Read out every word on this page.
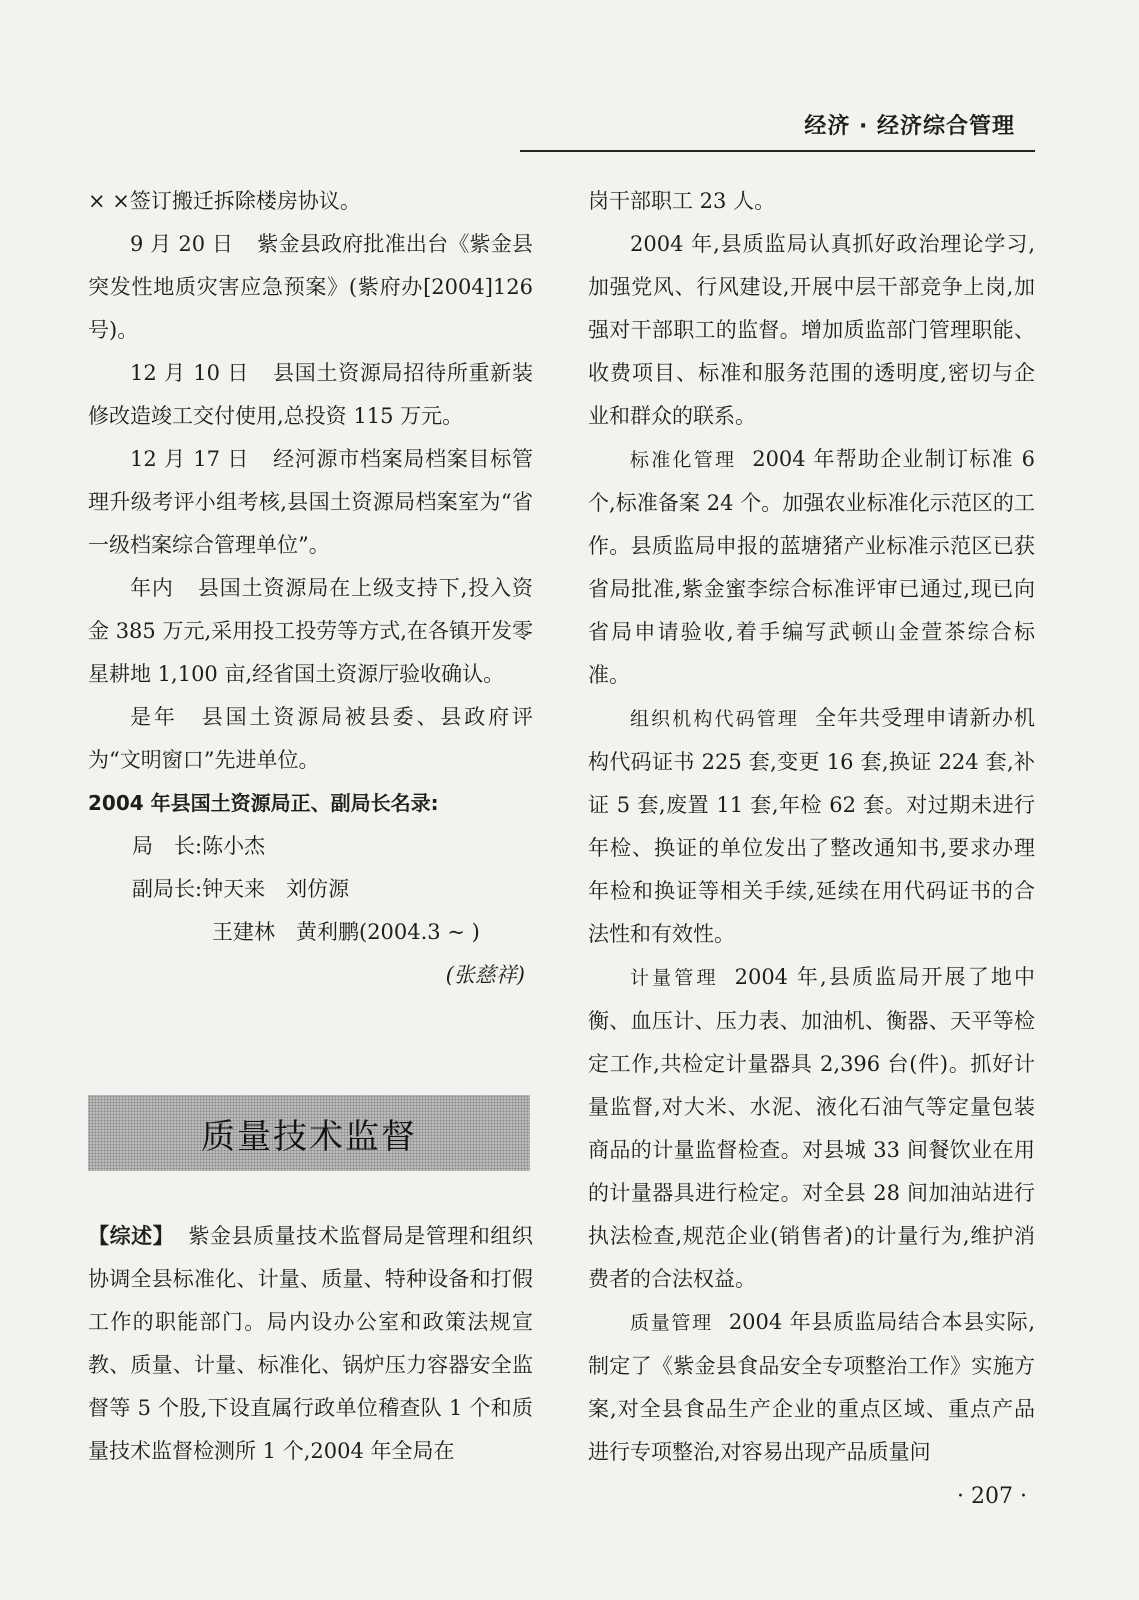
经济 · 经济综合管理

× ×签订搬迁拆除楼房协议。

9 月 20 日 紫金县政府批准出台《紫金县突发性地质灾害应急预案》(紫府办[2004]126号)。

12 月 10 日 县国土资源局招待所重新装修改造竣工交付使用,总投资 115 万元。

12 月 17 日 经河源市档案局档案目标管理升级考评小组考核,县国土资源局档案室为“省一级档案综合管理单位”。

年内 县国土资源局在上级支持下,投入资金 385 万元,采用投工投劳等方式,在各镇开发零星耕地 1,100 亩,经省国土资源厅验收确认。

是年 县国土资源局被县委、县政府评为“文明窗口”先进单位。

2004 年县国土资源局正、副局长名录:

局　长:陈小杰

副局长:钟天来　刘仿源

王建林　黄利鹏(2004.3 ~ )

(张慈祥)

质量技术监督

【综述】 紫金县质量技术监督局是管理和组织协调全县标准化、计量、质量、特种设备和打假工作的职能部门。局内设办公室和政策法规宣教、质量、计量、标准化、锅炉压力容器安全监督等 5 个股,下设直属行政单位稽查队 1 个和质量技术监督检测所 1 个,2004 年全局在

岗干部职工 23 人。

2004 年,县质监局认真抓好政治理论学习,加强党风、行风建设,开展中层干部竞争上岗,加强对干部职工的监督。增加质监部门管理职能、收费项目、标准和服务范围的透明度,密切与企业和群众的联系。

标准化管理 2004 年帮助企业制订标准 6 个,标准备案 24 个。加强农业标准化示范区的工作。县质监局申报的蓝塘猪产业标准示范区已获省局批准,紫金蜜李综合标准评审已通过,现已向省局申请验收,着手编写武顿山金萱茶综合标准。

组织机构代码管理 全年共受理申请新办机构代码证书 225 套,变更 16 套,换证 224 套,补证 5 套,废置 11 套,年检 62 套。对过期未进行年检、换证的单位发出了整改通知书,要求办理年检和换证等相关手续,延续在用代码证书的合法性和有效性。

计量管理 2004 年,县质监局开展了地中衡、血压计、压力表、加油机、衡器、天平等检定工作,共检定计量器具 2,396 台(件)。抓好计量监督,对大米、水泥、液化石油气等定量包装商品的计量监督检查。对县城 33 间餐饮业在用的计量器具进行检定。对全县 28 间加油站进行执法检查,规范企业(销售者)的计量行为,维护消费者的合法权益。

质量管理 2004 年县质监局结合本县实际,制定了《紫金县食品安全专项整治工作》实施方案,对全县食品生产企业的重点区域、重点产品进行专项整治,对容易出现产品质量问

· 207 ·
